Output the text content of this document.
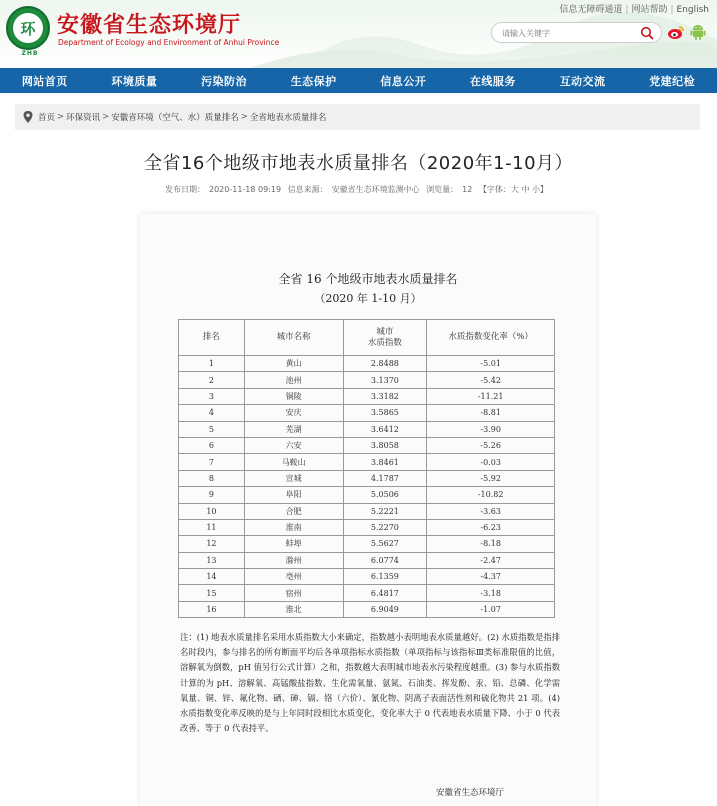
环
ZHB
安徽省生态环境厅
Department of Ecology and Environment of Anhui Province
信息无障碍通道 | 网站帮助 | English
请输入关键字
网站首页	环境质量	污染防治	生态保护	信息公开	在线服务	互动交流	党建纪检
首页 > 环保资讯 > 安徽省环境（空气、水）质量排名 > 全省地表水质量排名
全省16个地级市地表水质量排名（2020年1-10月）
发布日期： 2020-11-18 09:19 信息来源： 安徽省生态环境监测中心 浏览量： 12 【字体：大 中 小】
全省 16 个地级市地表水质量排名
（2020 年 1-10 月）
排名	城市名称	城市
水质指数	水质指数变化率（%）
1	黄山	2.8488	-5.01
2	池州	3.1370	-5.42
3	铜陵	3.3182	-11.21
4	安庆	3.5865	-8.81
5	芜湖	3.6412	-3.90
6	六安	3.8058	-5.26
7	马鞍山	3.8461	-0.03
8	宣城	4.1787	-5.92
9	阜阳	5.0506	-10.82
10	合肥	5.2221	-3.63
11	淮南	5.2270	-6.23
12	蚌埠	5.5627	-8.18
13	滁州	6.0774	-2.47
14	亳州	6.1359	-4.37
15	宿州	6.4817	-3.18
16	淮北	6.9049	-1.07
注：(1) 地表水质量排名采用水质指数大小来确定，指数越小表明地表水质量越好。(2) 水质指数是指排名时段内，参与排名的所有断面平均后各单项指标水质指数（单项指标与该指标Ⅲ类标准限值的比值，溶解氧为倒数，pH 值另行公式计算）之和，指数越大表明城市地表水污染程度越重。(3) 参与水质指数计算的为 pH、溶解氧、高锰酸盐指数、生化需氧量、氨氮、石油类、挥发酚、汞、铅、总磷、化学需氧量、铜、锌、氟化物、硒、砷、镉、铬（六价）、氰化物、阴离子表面活性剂和硫化物共 21 项。(4) 水质指数变化率反映的是与上年同时段相比水质变化，变化率大于 0 代表地表水质量下降、小于 0 代表改善、等于 0 代表持平。
安徽省生态环境厅
